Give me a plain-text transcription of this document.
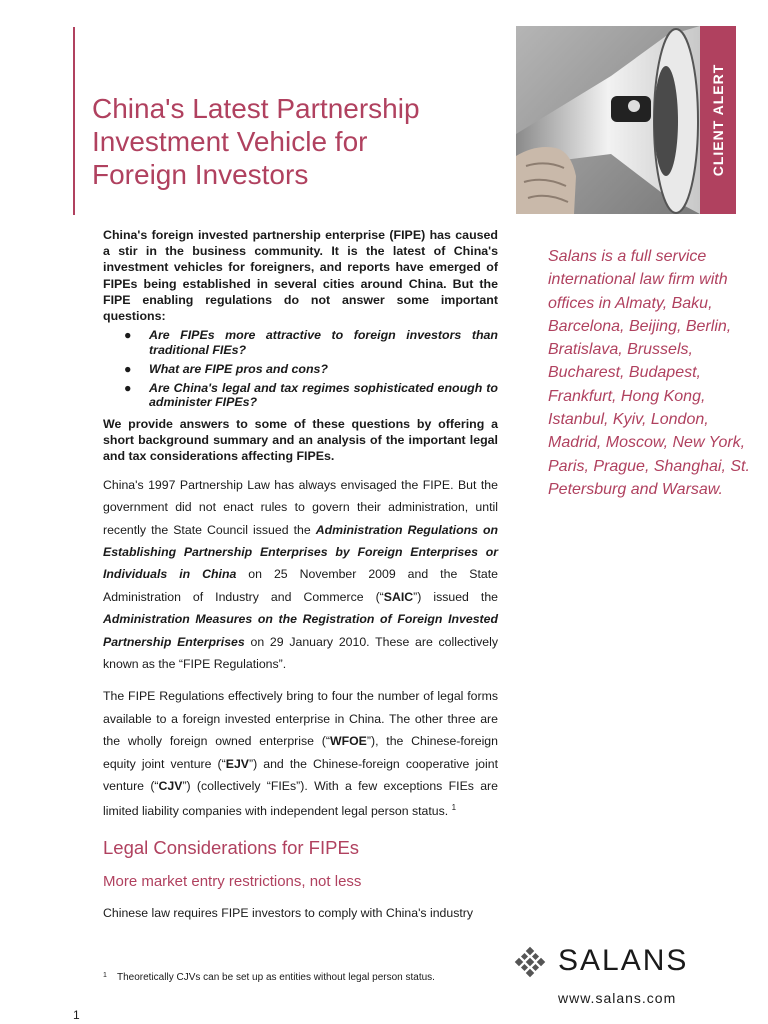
China's Latest Partnership
Investment Vehicle for
Foreign Investors	CLIENT ALERT

Salans is a full service international law firm with offices in Almaty, Baku, Barcelona, Beijing, Berlin, Bratislava, Brussels, Bucharest, Budapest, Frankfurt, Hong Kong, Istanbul, Kyiv, London, Madrid, Moscow, New York, Paris, Prague, Shanghai, St. Petersburg and Warsaw.

China's foreign invested partnership enterprise (FIPE) has caused a stir in the business community. It is the latest of China's investment vehicles for foreigners, and reports have emerged of FIPEs being established in several cities around China. But the FIPE enabling regulations do not answer some important questions:

● Are FIPEs more attractive to foreign investors than traditional FIEs?
● What are FIPE pros and cons?
● Are China's legal and tax regimes sophisticated enough to administer FIPEs?

We provide answers to some of these questions by offering a short background summary and an analysis of the important legal and tax considerations affecting FIPEs.

China's 1997 Partnership Law has always envisaged the FIPE. But the government did not enact rules to govern their administration, until recently the State Council issued the Administration Regulations on Establishing Partnership Enterprises by Foreign Enterprises or Individuals in China on 25 November 2009 and the State Administration of Industry and Commerce (“SAIC”) issued the Administration Measures on the Registration of Foreign Invested Partnership Enterprises on 29 January 2010. These are collectively known as the “FIPE Regulations”.

The FIPE Regulations effectively bring to four the number of legal forms available to a foreign invested enterprise in China. The other three are the wholly foreign owned enterprise (“WFOE”), the Chinese-foreign equity joint venture (“EJV”) and the Chinese-foreign cooperative joint venture (“CJV”) (collectively “FIEs”). With a few exceptions FIEs are limited liability companies with independent legal person status. $^1$

Legal Considerations for FIPEs
More market entry restrictions, not less

Chinese law requires FIPE investors to comply with China's industry

1 Theoretically CJVs can be set up as entities without legal person status.
1
SALANS
www.salans.com
